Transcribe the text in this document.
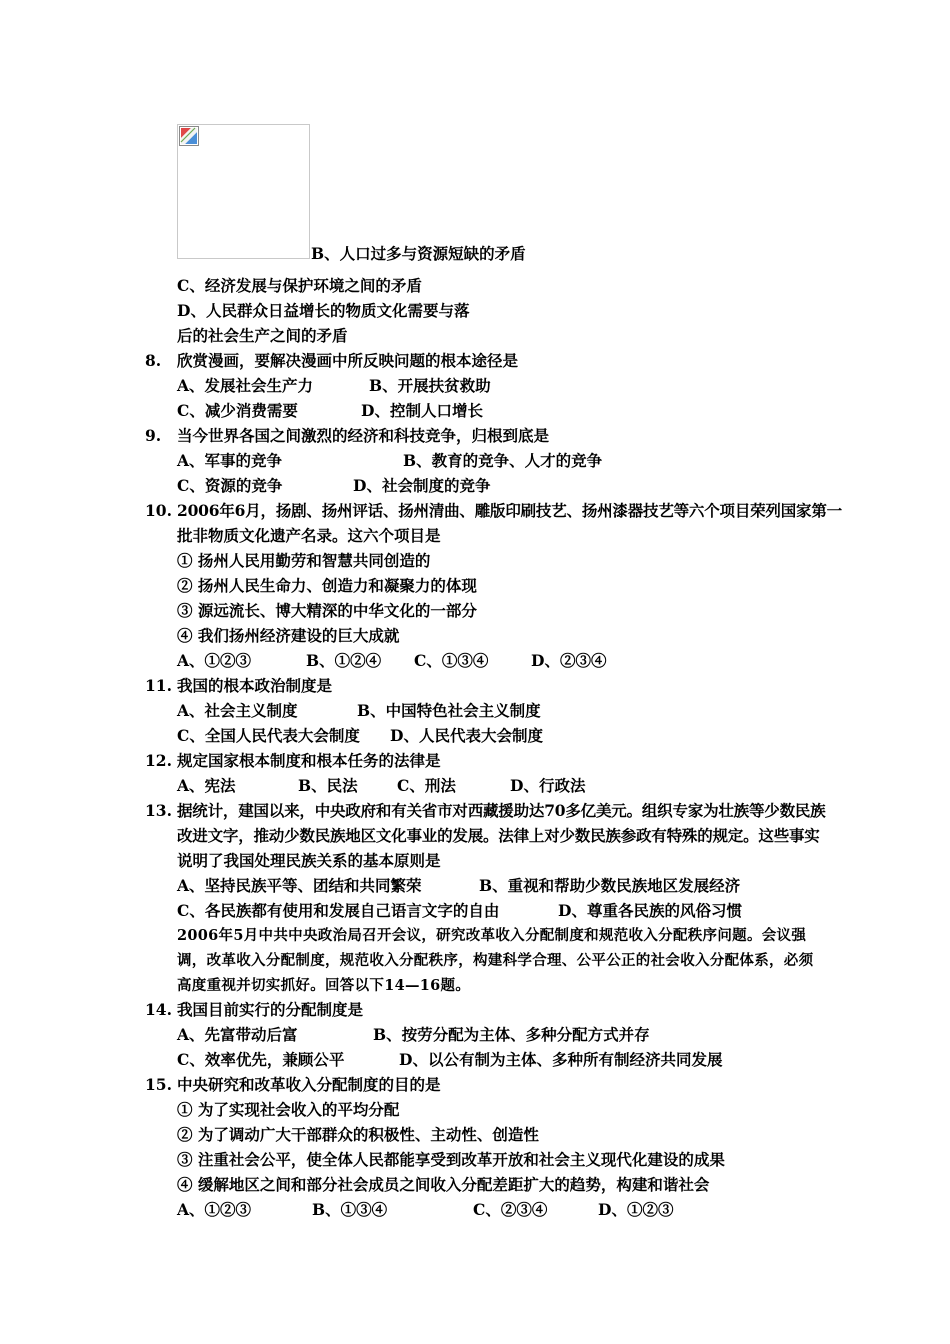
B、人口过多与资源短缺的矛盾
C、经济发展与保护环境之间的矛盾
D、人民群众日益增长的物质文化需要与落
后的社会生产之间的矛盾
8. 欣赏漫画，要解决漫画中所反映问题的根本途径是
A、发展社会生产力	B、开展扶贫救助
C、减少消费需要	D、控制人口增长
9. 当今世界各国之间激烈的经济和科技竞争，归根到底是
A、军事的竞争	B、教育的竞争、人才的竞争
C、资源的竞争	D、社会制度的竞争
10. 2006年6月，扬剧、扬州评话、扬州清曲、雕版印刷技艺、扬州漆器技艺等六个项目荣列国家第一
批非物质文化遗产名录。这六个项目是
① 扬州人民用勤劳和智慧共同创造的
② 扬州人民生命力、创造力和凝聚力的体现
③ 源远流长、博大精深的中华文化的一部分
④ 我们扬州经济建设的巨大成就
A、①②③	B、①②④ C、①③④	D、②③④
11. 我国的根本政治制度是
A、社会主义制度	B、中国特色社会主义制度
C、全国人民代表大会制度 D、人民代表大会制度
12. 规定国家根本制度和根本任务的法律是
A、宪法	B、民法	C、刑法	D、行政法
13. 据统计，建国以来，中央政府和有关省市对西藏援助达70多亿美元。组织专家为壮族等少数民族
改进文字，推动少数民族地区文化事业的发展。法律上对少数民族参政有特殊的规定。这些事实
说明了我国处理民族关系的基本原则是
A、坚持民族平等、团结和共同繁荣	B、重视和帮助少数民族地区发展经济
C、各民族都有使用和发展自己语言文字的自由	D、尊重各民族的风俗习惯
2006年5月中共中央政治局召开会议，研究改革收入分配制度和规范收入分配秩序问题。会议强
调，改革收入分配制度，规范收入分配秩序，构建科学合理、公平公正的社会收入分配体系，必须
高度重视并切实抓好。回答以下14—16题。
14. 我国目前实行的分配制度是
A、先富带动后富	B、按劳分配为主体、多种分配方式并存
C、效率优先，兼顾公平	D、以公有制为主体、多种所有制经济共同发展
15. 中央研究和改革收入分配制度的目的是
① 为了实现社会收入的平均分配
② 为了调动广大干部群众的积极性、主动性、创造性
③ 注重社会公平，使全体人民都能享受到改革开放和社会主义现代化建设的成果
④ 缓解地区之间和部分社会成员之间收入分配差距扩大的趋势，构建和谐社会
A、①②③	B、①③④	C、②③④	D、①②③
